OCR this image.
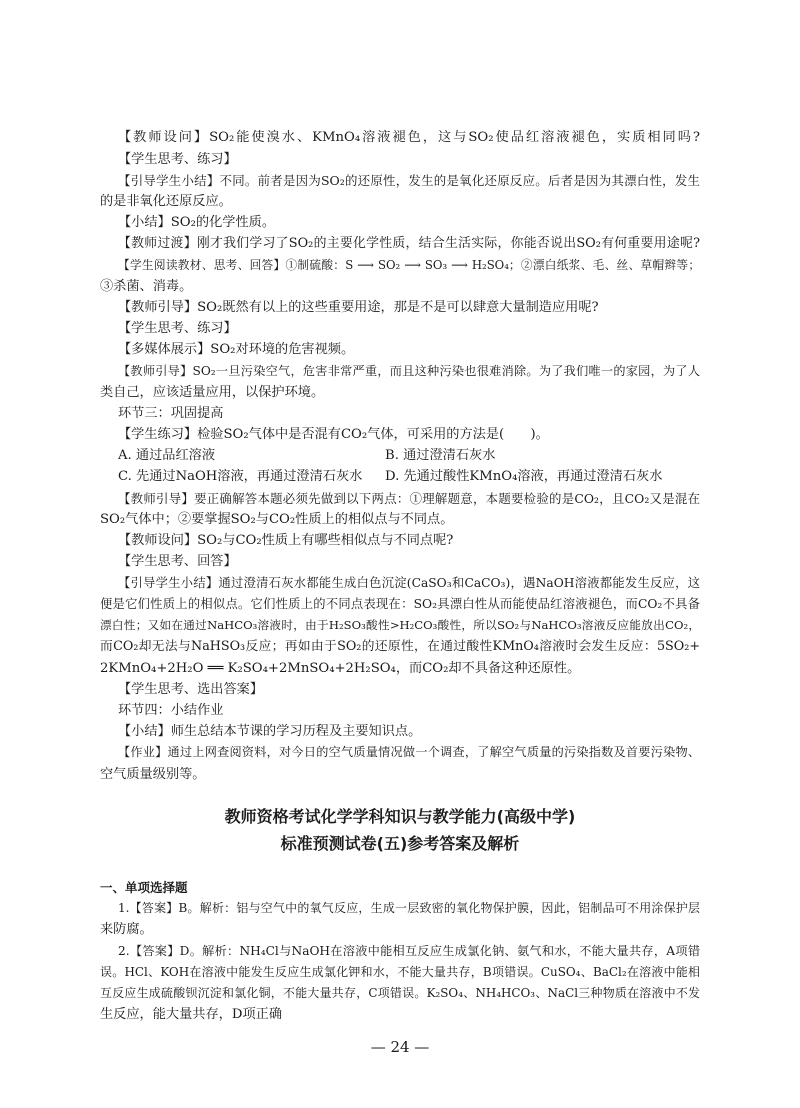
【教师设问】SO₂能使溴水、KMnO₄溶液褪色，这与SO₂使品红溶液褪色，实质相同吗?
【学生思考、练习】
【引导学生小结】不同。前者是因为SO₂的还原性，发生的是氧化还原反应。后者是因为其漂白性，发生
的是非氧化还原反应。
【小结】SO₂的化学性质。
【教师过渡】刚才我们学习了SO₂的主要化学性质，结合生活实际，你能否说出SO₂有何重要用途呢?
【学生阅读教材、思考、回答】①制硫酸：S ⟶ SO₂ ⟶ SO₃ ⟶ H₂SO₄；②漂白纸浆、毛、丝、草帽辫等；
③杀菌、消毒。
【教师引导】SO₂既然有以上的这些重要用途，那是不是可以肆意大量制造应用呢?
【学生思考、练习】
【多媒体展示】SO₂对环境的危害视频。
【教师引导】SO₂一旦污染空气，危害非常严重，而且这种污染也很难消除。为了我们唯一的家园，为了人
类自己，应该适量应用，以保护环境。
环节三：巩固提高
【学生练习】检验SO₂气体中是否混有CO₂气体，可采用的方法是(　　)。
A. 通过品红溶液	B. 通过澄清石灰水
C. 先通过NaOH溶液，再通过澄清石灰水 D. 先通过酸性KMnO₄溶液，再通过澄清石灰水
【教师引导】要正确解答本题必须先做到以下两点：①理解题意，本题要检验的是CO₂，且CO₂又是混在
SO₂气体中；②要掌握SO₂与CO₂性质上的相似点与不同点。
【教师设问】SO₂与CO₂性质上有哪些相似点与不同点呢?
【学生思考、回答】
【引导学生小结】通过澄清石灰水都能生成白色沉淀(CaSO₃和CaCO₃)，遇NaOH溶液都能发生反应，这
便是它们性质上的相似点。它们性质上的不同点表现在：SO₂具漂白性从而能使品红溶液褪色，而CO₂不具备
漂白性；又如在通过NaHCO₃溶液时，由于H₂SO₃酸性>H₂CO₃酸性，所以SO₂与NaHCO₃溶液反应能放出CO₂，
而CO₂却无法与NaHSO₃反应；再如由于SO₂的还原性，在通过酸性KMnO₄溶液时会发生反应：5SO₂+
2KMnO₄+2H₂O ══ K₂SO₄+2MnSO₄+2H₂SO₄，而CO₂却不具备这种还原性。
【学生思考、选出答案】
环节四：小结作业
【小结】师生总结本节课的学习历程及主要知识点。
【作业】通过上网查阅资料，对今日的空气质量情况做一个调查，了解空气质量的污染指数及首要污染物、
空气质量级别等。
教师资格考试化学学科知识与教学能力(高级中学)
标准预测试卷(五)参考答案及解析
一、单项选择题
1.【答案】B。解析：铝与空气中的氧气反应，生成一层致密的氧化物保护膜，因此，铝制品可不用涂保护层
来防腐。
2.【答案】D。解析：NH₄Cl与NaOH在溶液中能相互反应生成氯化钠、氨气和水，不能大量共存，A项错
误。HCl、KOH在溶液中能发生反应生成氯化钾和水，不能大量共存，B项错误。CuSO₄、BaCl₂在溶液中能相
互反应生成硫酸钡沉淀和氯化铜，不能大量共存，C项错误。K₂SO₄、NH₄HCO₃、NaCl三种物质在溶液中不发
生反应，能大量共存，D项正确
— 24 —
